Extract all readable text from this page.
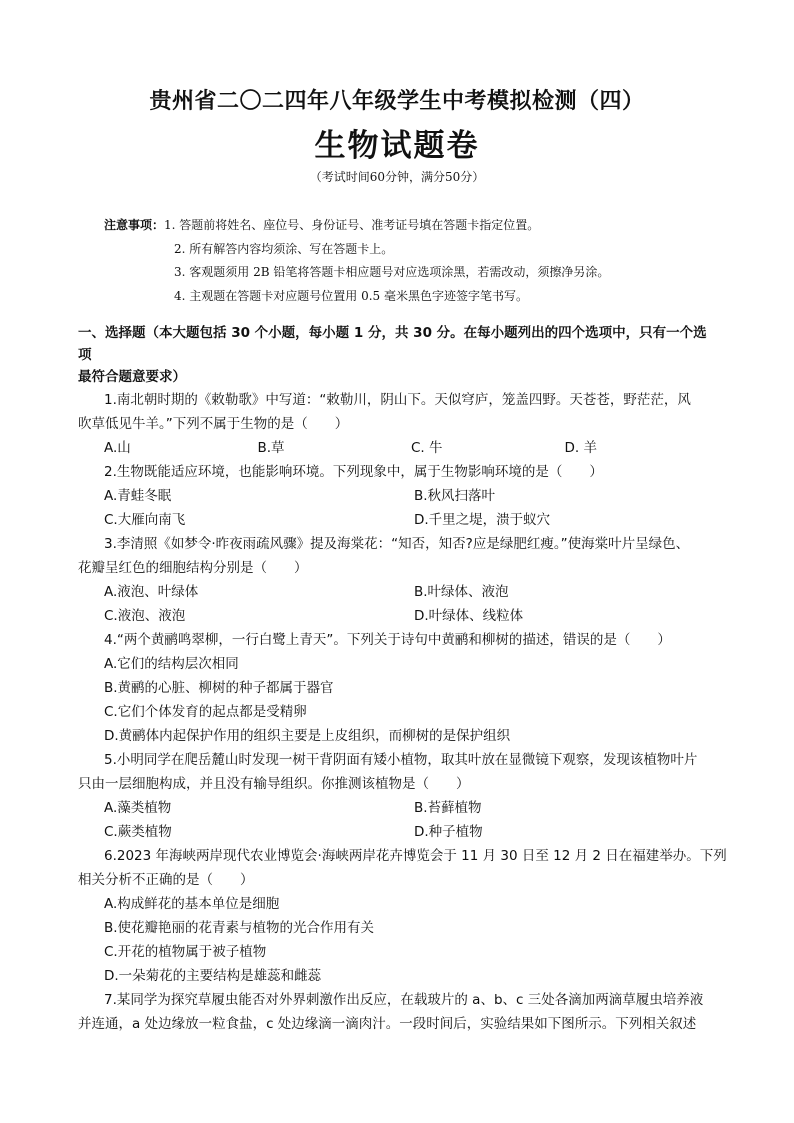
贵州省二〇二四年八年级学生中考模拟检测（四）
生物试题卷
（考试时间60分钟，满分50分）
注意事项：1. 答题前将姓名、座位号、身份证号、准考证号填在答题卡指定位置。
2. 所有解答内容均须涂、写在答题卡上。
3. 客观题须用 2B 铅笔将答题卡相应题号对应选项涂黑，若需改动，须擦净另涂。
4. 主观题在答题卡对应题号位置用 0.5 毫米黑色字迹签字笔书写。
一、选择题（本大题包括 30 个小题，每小题 1 分，共 30 分。在每小题列出的四个选项中，只有一个选项
最符合题意要求）
1.南北朝时期的《敕勒歌》中写道：“敕勒川，阴山下。天似穹庐，笼盖四野。天苍苍，野茫茫，风
吹草低见牛羊。”下列不属于生物的是（　　）
A.山	B.草	C. 牛	D. 羊
2.生物既能适应环境，也能影响环境。下列现象中，属于生物影响环境的是（　　）
A.青蛙冬眠	B.秋风扫落叶
C.大雁向南飞	D.千里之堤，溃于蚁穴
3.李清照《如梦令·昨夜雨疏风骤》提及海棠花：“知否，知否?应是绿肥红瘦。”使海棠叶片呈绿色、
花瓣呈红色的细胞结构分别是（　　）
A.液泡、叶绿体	B.叶绿体、液泡
C.液泡、液泡	D.叶绿体、线粒体
4.“两个黄鹂鸣翠柳，一行白鹭上青天”。下列关于诗句中黄鹂和柳树的描述，错误的是（　　）
A.它们的结构层次相同
B.黄鹂的心脏、柳树的种子都属于器官
C.它们个体发育的起点都是受精卵
D.黄鹂体内起保护作用的组织主要是上皮组织，而柳树的是保护组织
5.小明同学在爬岳麓山时发现一树干背阴面有矮小植物，取其叶放在显微镜下观察，发现该植物叶片
只由一层细胞构成，并且没有输导组织。你推测该植物是（　　）
A.藻类植物	B.苔藓植物
C.蕨类植物	D.种子植物
6.2023 年海峡两岸现代农业博览会·海峡两岸花卉博览会于 11 月 30 日至 12 月 2 日在福建举办。下列
相关分析不正确的是（　　）
A.构成鲜花的基本单位是细胞
B.使花瓣艳丽的花青素与植物的光合作用有关
C.开花的植物属于被子植物
D.一朵菊花的主要结构是雄蕊和雌蕊
7.某同学为探究草履虫能否对外界刺激作出反应，在载玻片的 a、b、c 三处各滴加两滴草履虫培养液
并连通，a 处边缘放一粒食盐，c 处边缘滴一滴肉汁。一段时间后，实验结果如下图所示。下列相关叙述
